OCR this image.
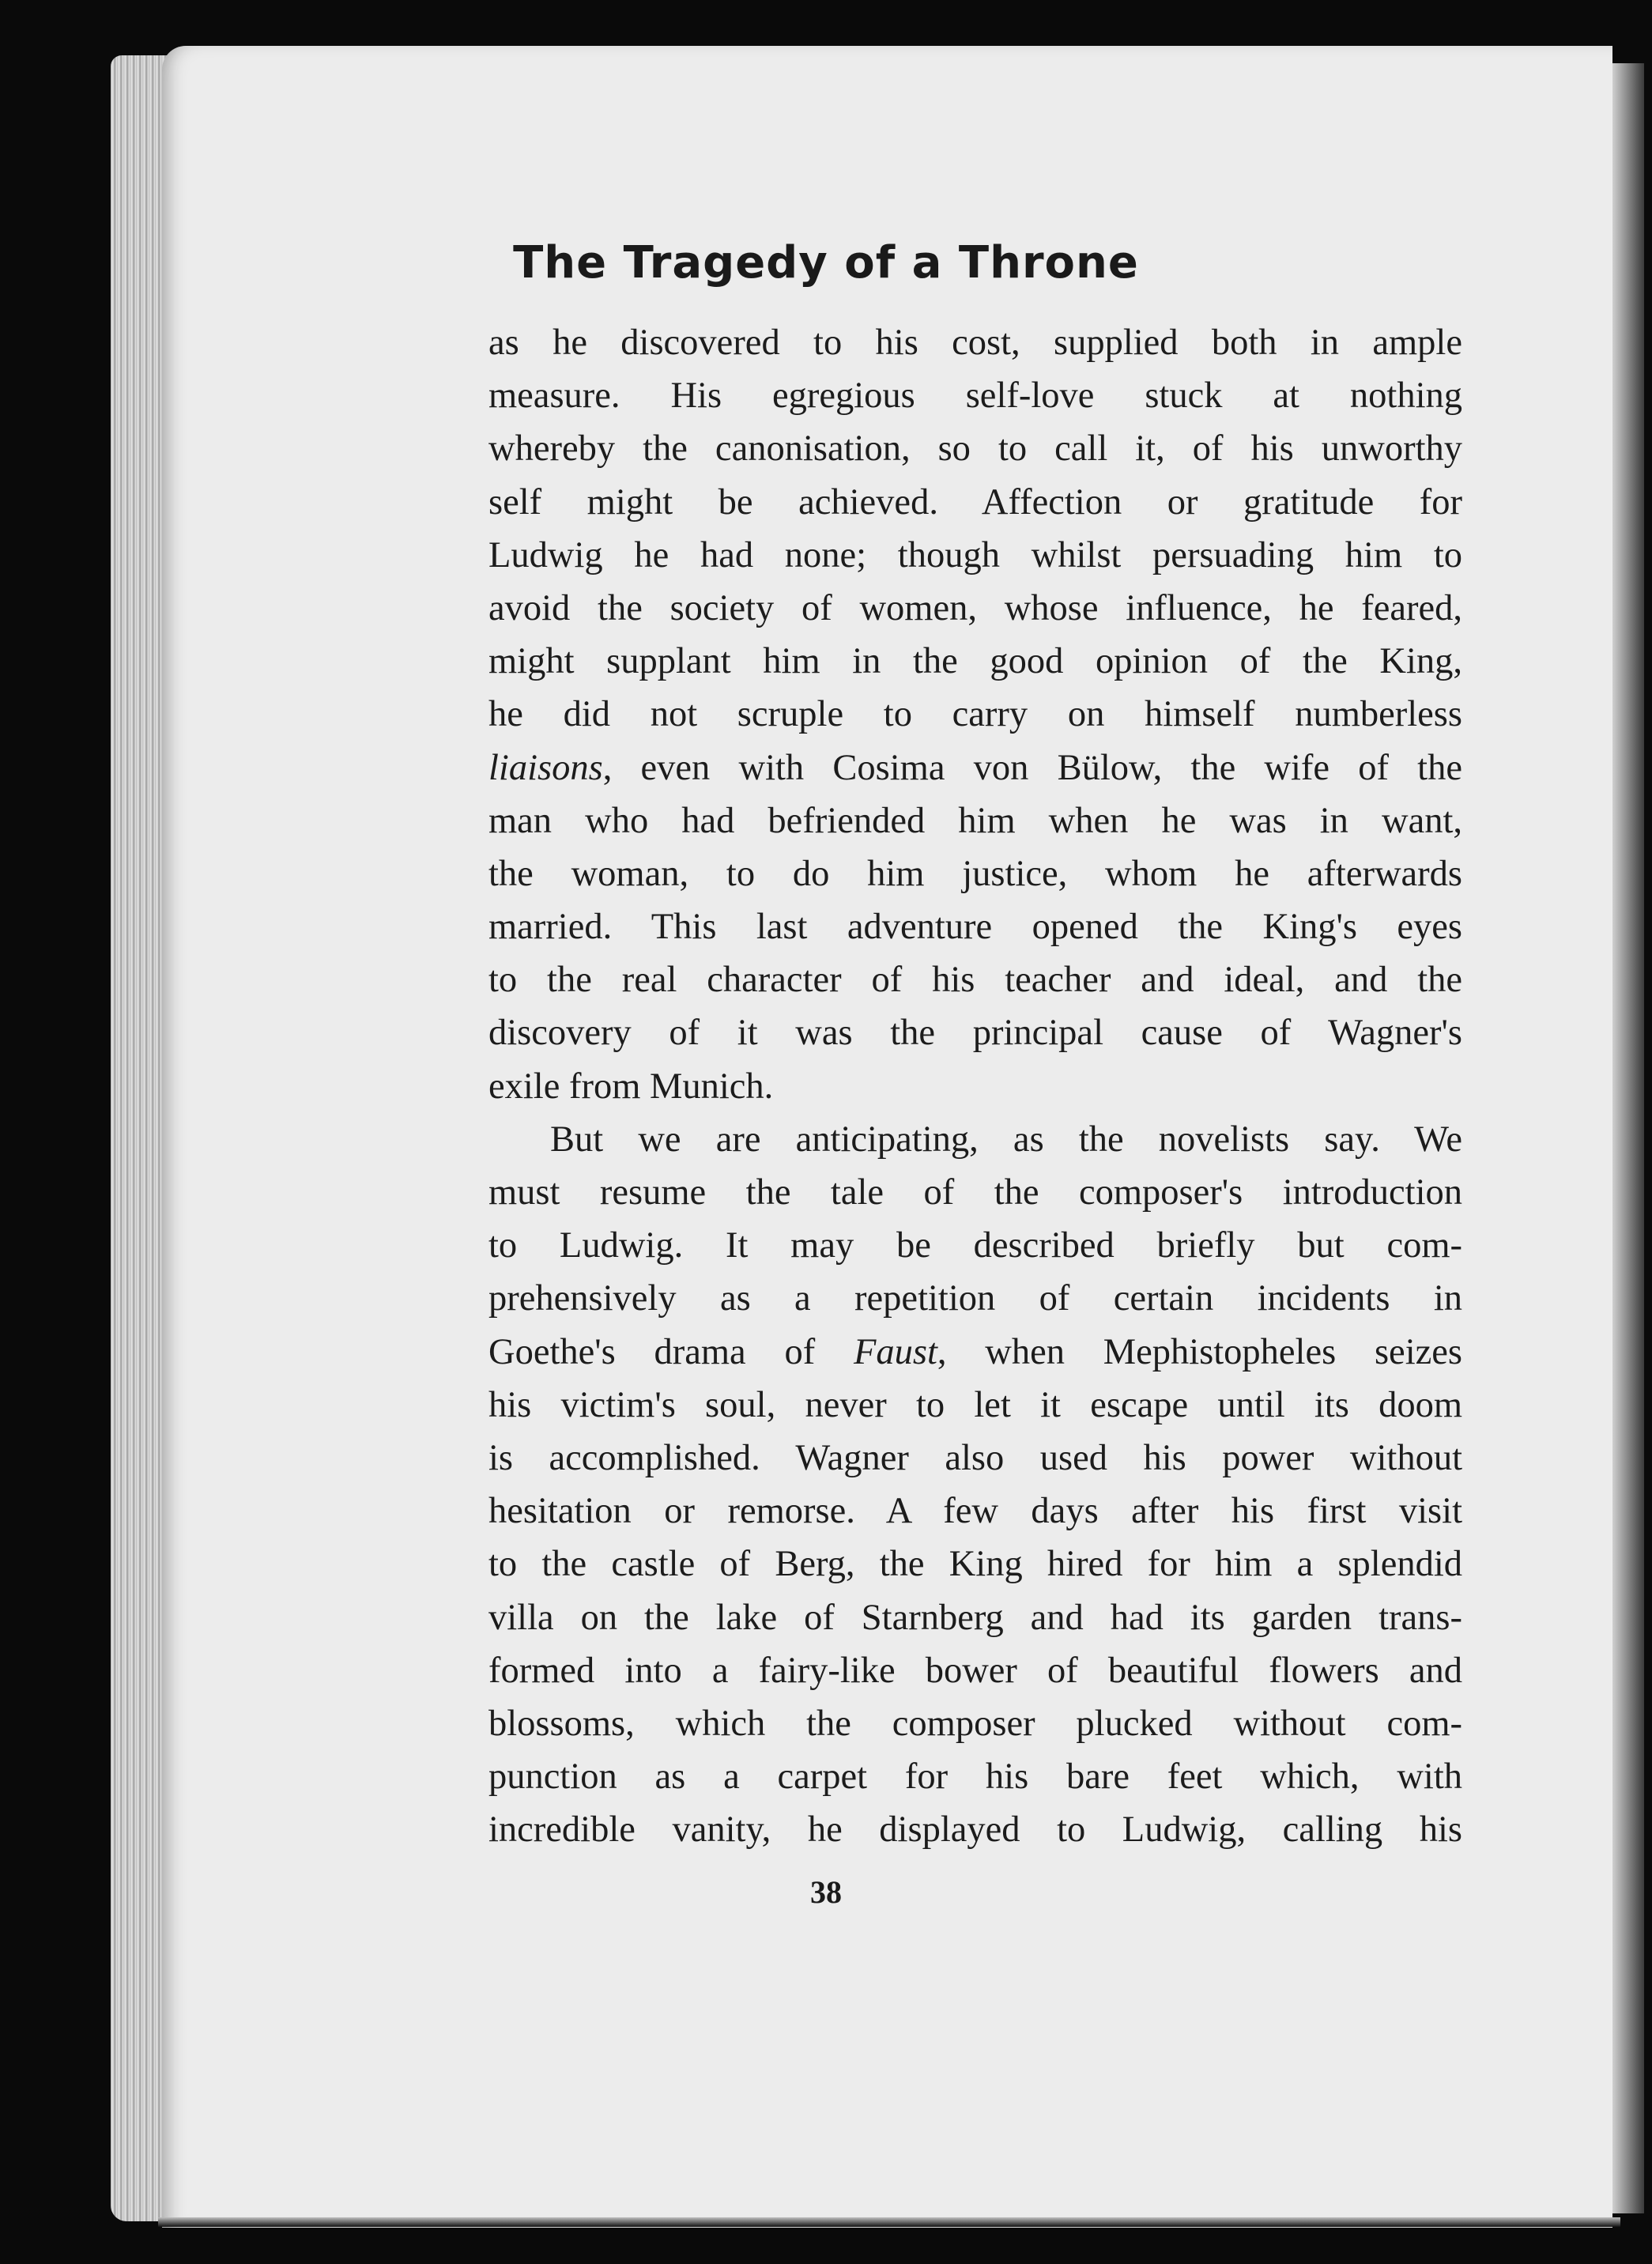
The Tragedy of a Throne
as he discovered to his cost, supplied both in ample
measure. His egregious self-love stuck at nothing
whereby the canonisation, so to call it, of his unworthy
self might be achieved. Affection or gratitude for
Ludwig he had none; though whilst persuading him to
avoid the society of women, whose influence, he feared,
might supplant him in the good opinion of the King,
he did not scruple to carry on himself numberless
liaisons, even with Cosima von Bülow, the wife of the
man who had befriended him when he was in want,
the woman, to do him justice, whom he afterwards
married. This last adventure opened the King's eyes
to the real character of his teacher and ideal, and the
discovery of it was the principal cause of Wagner's
exile from Munich.
But we are anticipating, as the novelists say. We
must resume the tale of the composer's introduction
to Ludwig. It may be described briefly but com-
prehensively as a repetition of certain incidents in
Goethe's drama of Faust, when Mephistopheles seizes
his victim's soul, never to let it escape until its doom
is accomplished. Wagner also used his power without
hesitation or remorse. A few days after his first visit
to the castle of Berg, the King hired for him a splendid
villa on the lake of Starnberg and had its garden trans-
formed into a fairy-like bower of beautiful flowers and
blossoms, which the composer plucked without com-
punction as a carpet for his bare feet which, with
incredible vanity, he displayed to Ludwig, calling his
38
